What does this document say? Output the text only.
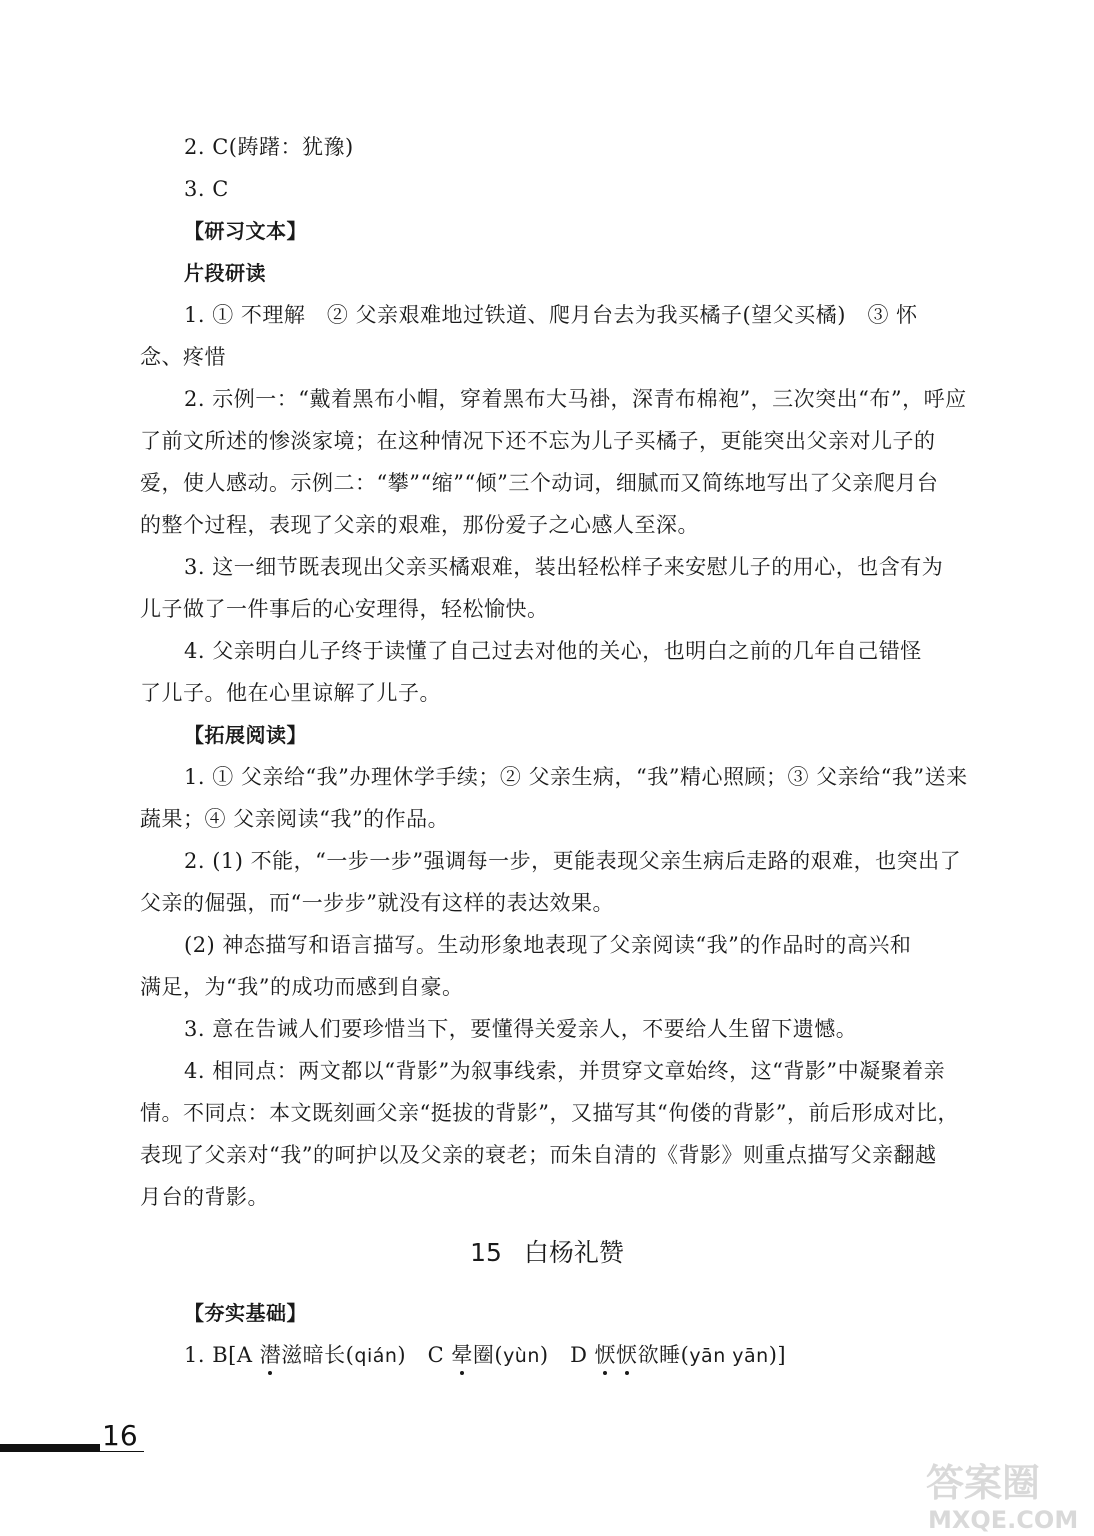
2. C(踌躇：犹豫)
3. C
【研习文本】
片段研读
1. ① 不理解　② 父亲艰难地过铁道、爬月台去为我买橘子(望父买橘)　③ 怀
念、疼惜
2. 示例一：“戴着黑布小帽，穿着黑布大马褂，深青布棉袍”，三次突出“布”，呼应
了前文所述的惨淡家境；在这种情况下还不忘为儿子买橘子，更能突出父亲对儿子的
爱，使人感动。示例二：“攀”“缩”“倾”三个动词，细腻而又简练地写出了父亲爬月台
的整个过程，表现了父亲的艰难，那份爱子之心感人至深。
3. 这一细节既表现出父亲买橘艰难，装出轻松样子来安慰儿子的用心，也含有为
儿子做了一件事后的心安理得，轻松愉快。
4. 父亲明白儿子终于读懂了自己过去对他的关心，也明白之前的几年自己错怪
了儿子。他在心里谅解了儿子。
【拓展阅读】
1. ① 父亲给“我”办理休学手续；② 父亲生病，“我”精心照顾；③ 父亲给“我”送来
蔬果；④ 父亲阅读“我”的作品。
2. (1) 不能，“一步一步”强调每一步，更能表现父亲生病后走路的艰难，也突出了
父亲的倔强，而“一步步”就没有这样的表达效果。
(2) 神态描写和语言描写。生动形象地表现了父亲阅读“我”的作品时的高兴和
满足，为“我”的成功而感到自豪。
3. 意在告诫人们要珍惜当下，要懂得关爱亲人，不要给人生留下遗憾。
4. 相同点：两文都以“背影”为叙事线索，并贯穿文章始终，这“背影”中凝聚着亲
情。不同点：本文既刻画父亲“挺拔的背影”，又描写其“佝偻的背影”，前后形成对比，
表现了父亲对“我”的呵护以及父亲的衰老；而朱自清的《背影》则重点描写父亲翻越
月台的背影。
15 白杨礼赞
【夯实基础】
1. B[A 潜滋暗长(qián)　C 晕圈(yùn)　D 恹恹欲睡(yān yān)]
16
答案圈
MXQE.COM
